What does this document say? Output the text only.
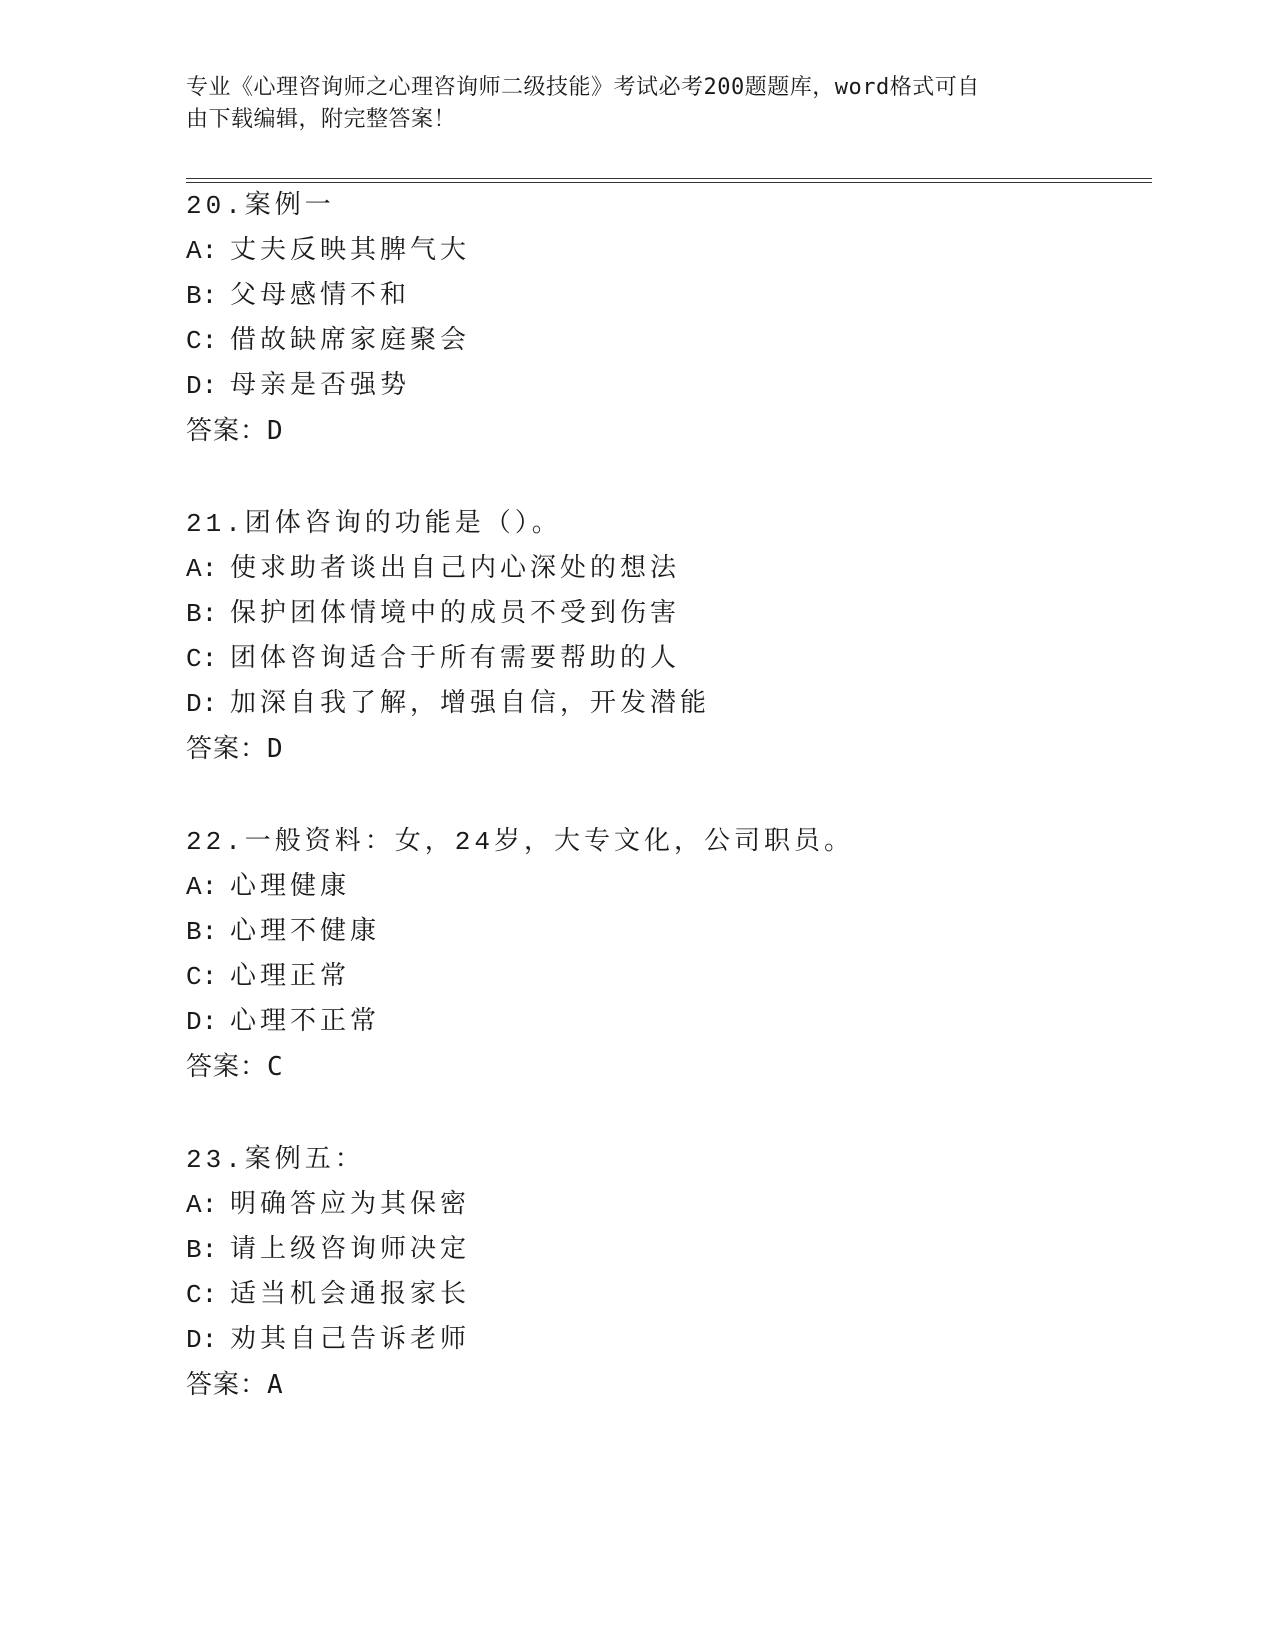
专业《心理咨询师之心理咨询师二级技能》考试必考200题题库，word格式可自
由下载编辑，附完整答案！
20.案例一
A: 丈夫反映其脾气大
B: 父母感情不和
C: 借故缺席家庭聚会
D: 母亲是否强势
答案：D
21.团体咨询的功能是（）。
A: 使求助者谈出自己内心深处的想法
B: 保护团体情境中的成员不受到伤害
C: 团体咨询适合于所有需要帮助的人
D: 加深自我了解，增强自信，开发潜能
答案：D
22.一般资料：女，24岁，大专文化，公司职员。
A: 心理健康
B: 心理不健康
C: 心理正常
D: 心理不正常
答案：C
23.案例五：
A: 明确答应为其保密
B: 请上级咨询师决定
C: 适当机会通报家长
D: 劝其自己告诉老师
答案：A
